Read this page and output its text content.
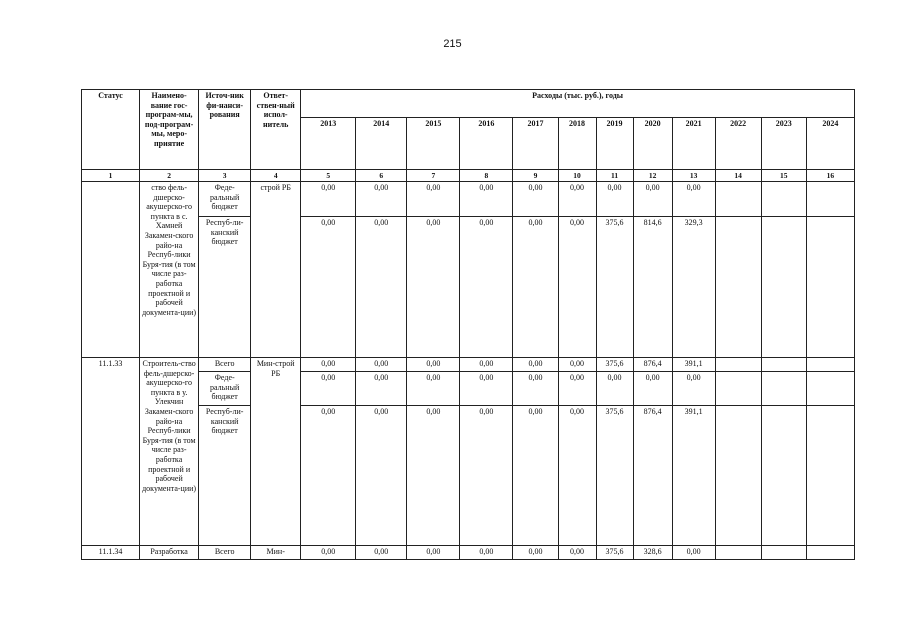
215
Статус	Наимено-вание гос-програм-мы, под-програм-мы, меро-приятие	Источ-ник фи-нанси-рования	Ответ-ствен-ный испол-нитель	Расходы (тыс. руб.), годы											
				2013	2014	2015	2016	2017	2018	2019	2020	2021	2022	2023	2024
1	2	3	4	5	6	7	8	9	10	11	12	13	14	15	16
	ство фель-дшерско-акушерско-го пункта в с. Хамней Закамен-ского райо-на Респуб-лики Буря-тия (в том числе раз-работка проектной и рабочей документа-ции)	Феде-ральный бюджет	строй РБ	0,00	0,00	0,00	0,00	0,00	0,00	0,00	0,00	0,00			
		Респуб-ли-канский бюджет		0,00	0,00	0,00	0,00	0,00	0,00	375,6	814,6	329,3			
11.1.33	Строитель-ство фель-дшерско-акушерско-го пункта в у. Улекчин Закамен-ского райо-на Респуб-лики Буря-тия (в том числе раз-работка проектной и рабочей документа-ции)	Всего	Мин-строй РБ	0,00	0,00	0,00	0,00	0,00	0,00	375,6	876,4	391,1			
		Феде-ральный бюджет		0,00	0,00	0,00	0,00	0,00	0,00	0,00	0,00	0,00			
		Респуб-ли-канский бюджет		0,00	0,00	0,00	0,00	0,00	0,00	375,6	876,4	391,1			
11.1.34	Разработка	Всего	Мин-	0,00	0,00	0,00	0,00	0,00	0,00	375,6	328,6	0,00			
